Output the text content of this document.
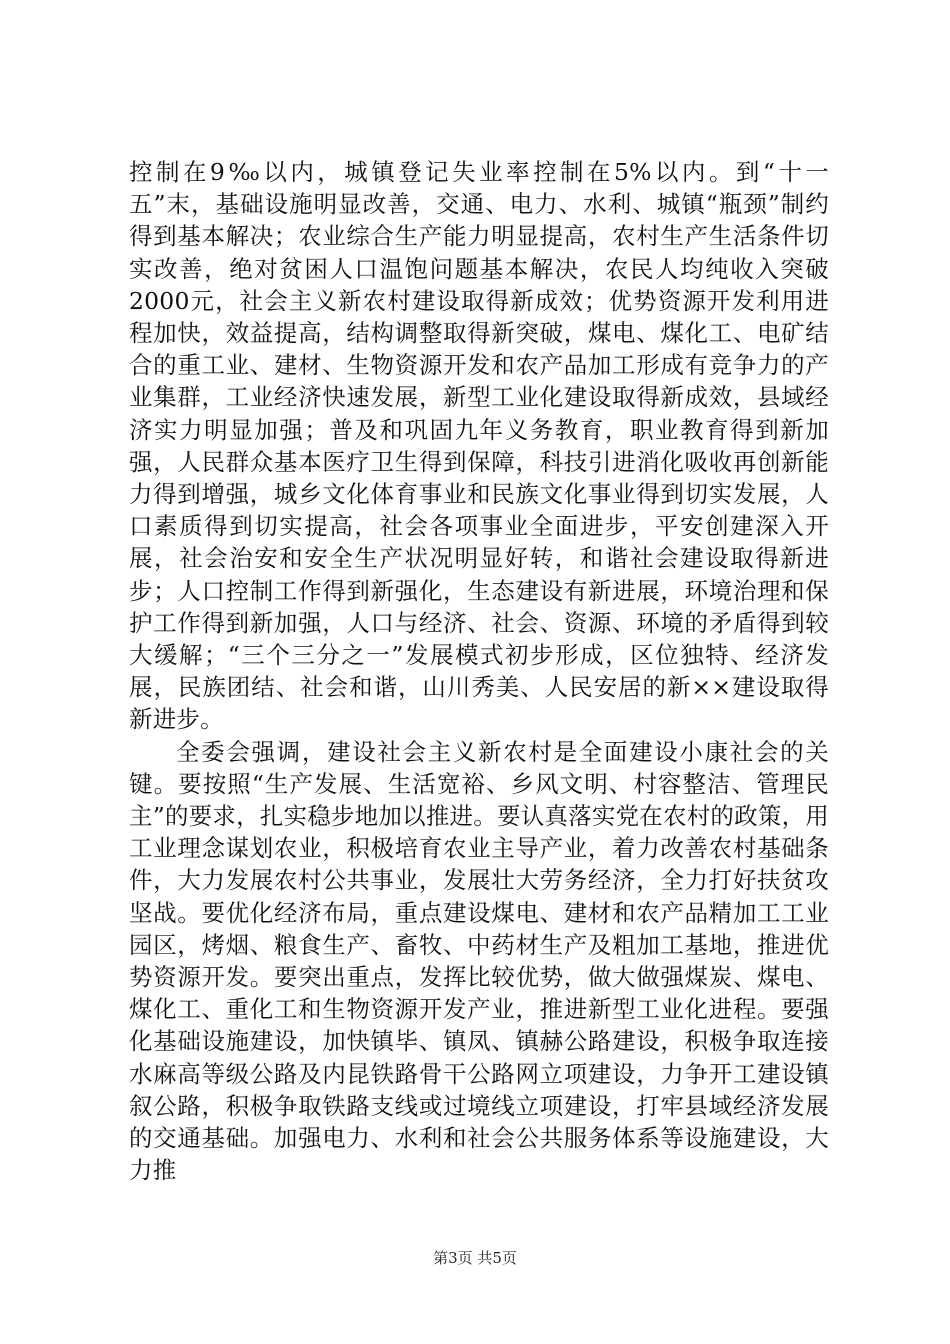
控制在9‰以内，城镇登记失业率控制在5%以内。到“十一五”末，基础设施明显改善，交通、电力、水利、城镇“瓶颈”制约得到基本解决；农业综合生产能力明显提高，农村生产生活条件切实改善，绝对贫困人口温饱问题基本解决，农民人均纯收入突破2000元，社会主义新农村建设取得新成效；优势资源开发利用进程加快，效益提高，结构调整取得新突破，煤电、煤化工、电矿结合的重工业、建材、生物资源开发和农产品加工形成有竞争力的产业集群，工业经济快速发展，新型工业化建设取得新成效，县域经济实力明显加强；普及和巩固九年义务教育，职业教育得到新加强，人民群众基本医疗卫生得到保障，科技引进消化吸收再创新能力得到增强，城乡文化体育事业和民族文化事业得到切实发展，人口素质得到切实提高，社会各项事业全面进步，平安创建深入开展，社会治安和安全生产状况明显好转，和谐社会建设取得新进步；人口控制工作得到新强化，生态建设有新进展，环境治理和保护工作得到新加强，人口与经济、社会、资源、环境的矛盾得到较大缓解；“三个三分之一”发展模式初步形成，区位独特、经济发展，民族团结、社会和谐，山川秀美、人民安居的新××建设取得新进步。

全委会强调，建设社会主义新农村是全面建设小康社会的关键。要按照“生产发展、生活宽裕、乡风文明、村容整洁、管理民主”的要求，扎实稳步地加以推进。要认真落实党在农村的政策，用工业理念谋划农业，积极培育农业主导产业，着力改善农村基础条件，大力发展农村公共事业，发展壮大劳务经济，全力打好扶贫攻坚战。要优化经济布局，重点建设煤电、建材和农产品精加工工业园区，烤烟、粮食生产、畜牧、中药材生产及粗加工基地，推进优势资源开发。要突出重点，发挥比较优势，做大做强煤炭、煤电、煤化工、重化工和生物资源开发产业，推进新型工业化进程。要强化基础设施建设，加快镇毕、镇凤、镇赫公路建设，积极争取连接水麻高等级公路及内昆铁路骨干公路网立项建设，力争开工建设镇叙公路，积极争取铁路支线或过境线立项建设，打牢县域经济发展的交通基础。加强电力、水利和社会公共服务体系等设施建设，大力推

第3页 共5页
